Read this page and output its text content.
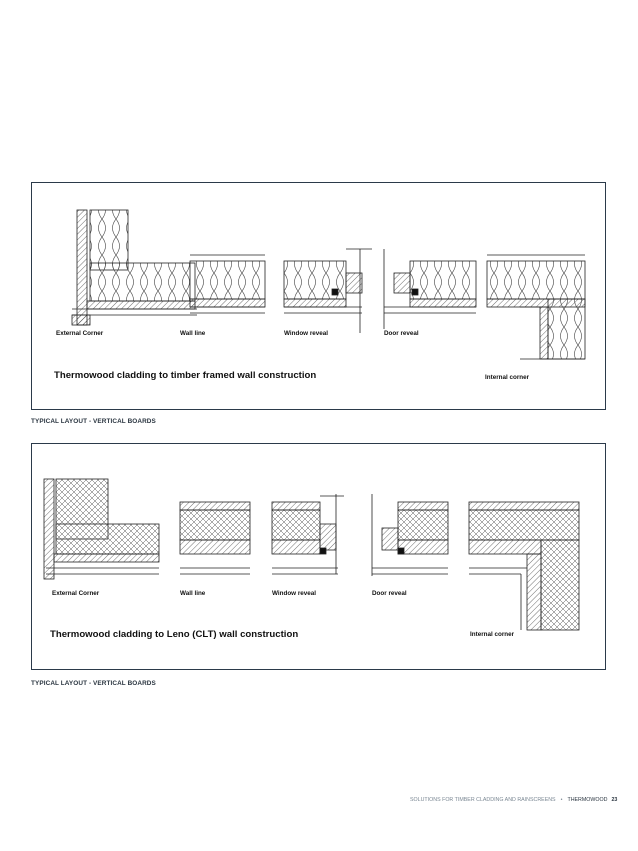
External Corner	Wall line	Window reveal	Door reveal
Thermowood cladding to timber framed wall construction	Internal corner
TYPICAL LAYOUT - VERTICAL BOARDS
External Corner	Wall line	Window reveal	Door reveal
Thermowood cladding to Leno (CLT) wall construction	Internal corner
TYPICAL LAYOUT - VERTICAL BOARDS
SOLUTIONS FOR TIMBER CLADDING AND RAINSCREENS • THERMOWOOD 23
